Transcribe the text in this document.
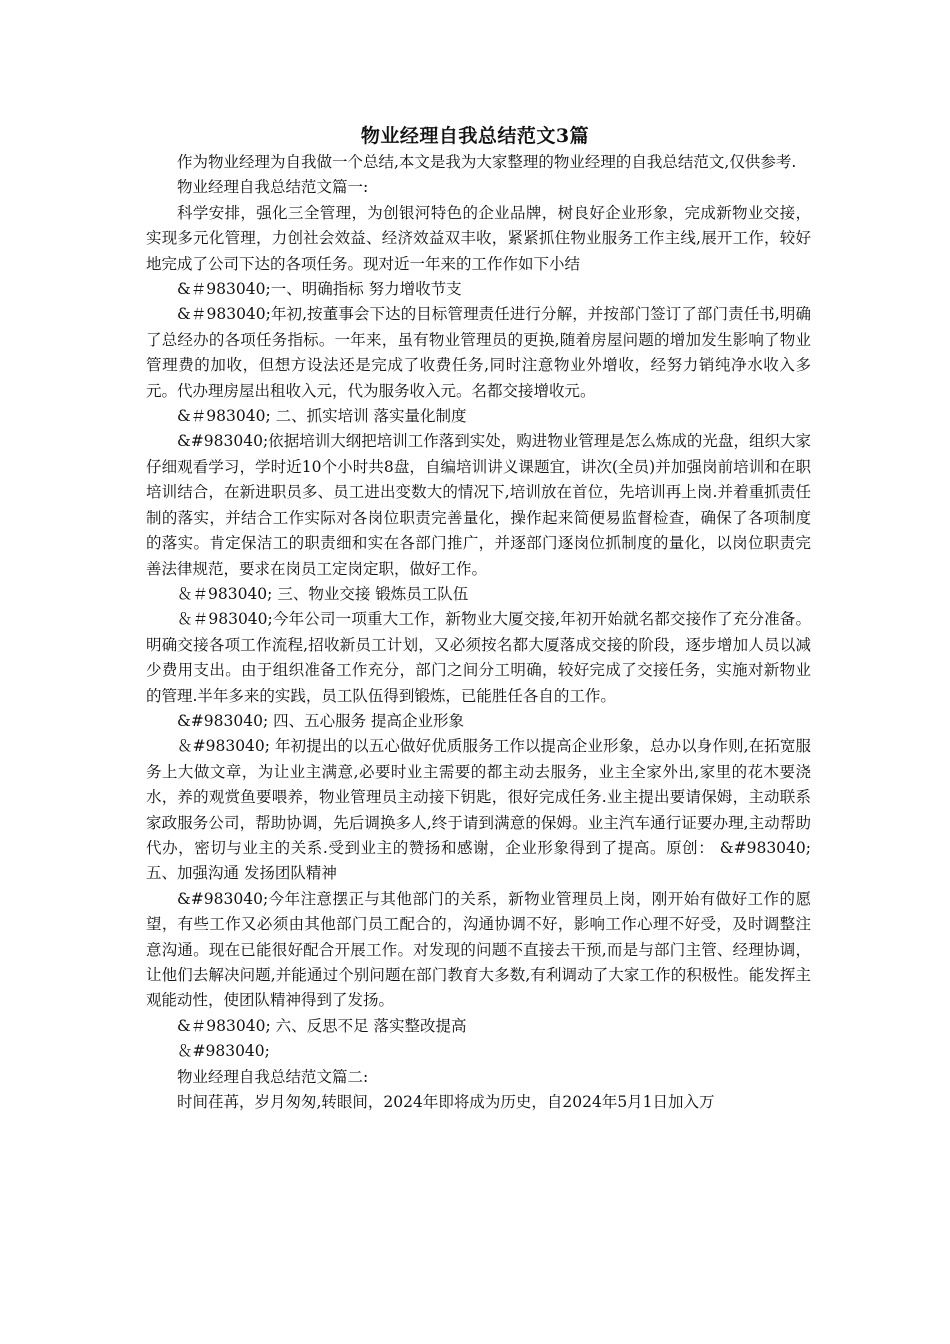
物业经理自我总结范文3篇

作为物业经理为自我做一个总结,本文是我为大家整理的物业经理的自我总结范文,仅供参考.

物业经理自我总结范文篇一:

科学安排，强化三全管理，为创银河特色的企业品牌，树良好企业形象，完成新物业交接，实现多元化管理，力创社会效益、经济效益双丰收，紧紧抓住物业服务工作主线,展开工作，较好地完成了公司下达的各项任务。现对近一年来的工作作如下小结

&＃983040;一、明确指标 努力增收节支

&＃983040;年初,按董事会下达的目标管理责任进行分解，并按部门签订了部门责任书,明确了总经办的各项任务指标。一年来，虽有物业管理员的更换,随着房屋问题的增加发生影响了物业管理费的加收，但想方设法还是完成了收费任务,同时注意物业外增收，经努力销纯净水收入多元。代办理房屋出租收入元，代为服务收入元。名都交接增收元。

&＃983040; 二、抓实培训 落实量化制度

&#983040;依据培训大纲把培训工作落到实处，购进物业管理是怎么炼成的光盘，组织大家仔细观看学习，学时近10个小时共8盘，自编培训讲义课题宜，讲次(全员)并加强岗前培训和在职培训结合，在新进职员多、员工进出变数大的情况下,培训放在首位，先培训再上岗.并着重抓责任制的落实，并结合工作实际对各岗位职责完善量化，操作起来简便易监督检查，确保了各项制度的落实。肯定保洁工的职责细和实在各部门推广，并逐部门逐岗位抓制度的量化，以岗位职责完善法律规范，要求在岗员工定岗定职，做好工作。

＆＃983040; 三、物业交接 锻炼员工队伍

＆＃983040;今年公司一项重大工作，新物业大厦交接,年初开始就名都交接作了充分准备。明确交接各项工作流程,招收新员工计划，又必须按名都大厦落成交接的阶段，逐步增加人员以减少费用支出。由于组织准备工作充分，部门之间分工明确，较好完成了交接任务，实施对新物业的管理.半年多来的实践，员工队伍得到锻炼，已能胜任各自的工作。

&#983040; 四、五心服务 提高企业形象

＆#983040; 年初提出的以五心做好优质服务工作以提高企业形象，总办以身作则,在拓宽服务上大做文章，为让业主满意,必要时业主需要的都主动去服务，业主全家外出,家里的花木要浇水，养的观赏鱼要喂养，物业管理员主动接下钥匙，很好完成任务.业主提出要请保姆，主动联系家政服务公司，帮助协调，先后调换多人,终于请到满意的保姆。业主汽车通行证要办理,主动帮助代办，密切与业主的关系.受到业主的赞扬和感谢，企业形象得到了提高。原创： &#983040;五、加强沟通 发扬团队精神

&#983040;今年注意摆正与其他部门的关系，新物业管理员上岗，刚开始有做好工作的愿望，有些工作又必须由其他部门员工配合的，沟通协调不好，影响工作心理不好受，及时调整注意沟通。现在已能很好配合开展工作。对发现的问题不直接去干预,而是与部门主管、经理协调，让他们去解决问题,并能通过个别问题在部门教育大多数,有利调动了大家工作的积极性。能发挥主观能动性，使团队精神得到了发扬。

&＃983040; 六、反思不足 落实整改提高

＆#983040;

物业经理自我总结范文篇二:

时间荏苒，岁月匆匆,转眼间，2024年即将成为历史，自2024年5月1日加入万
